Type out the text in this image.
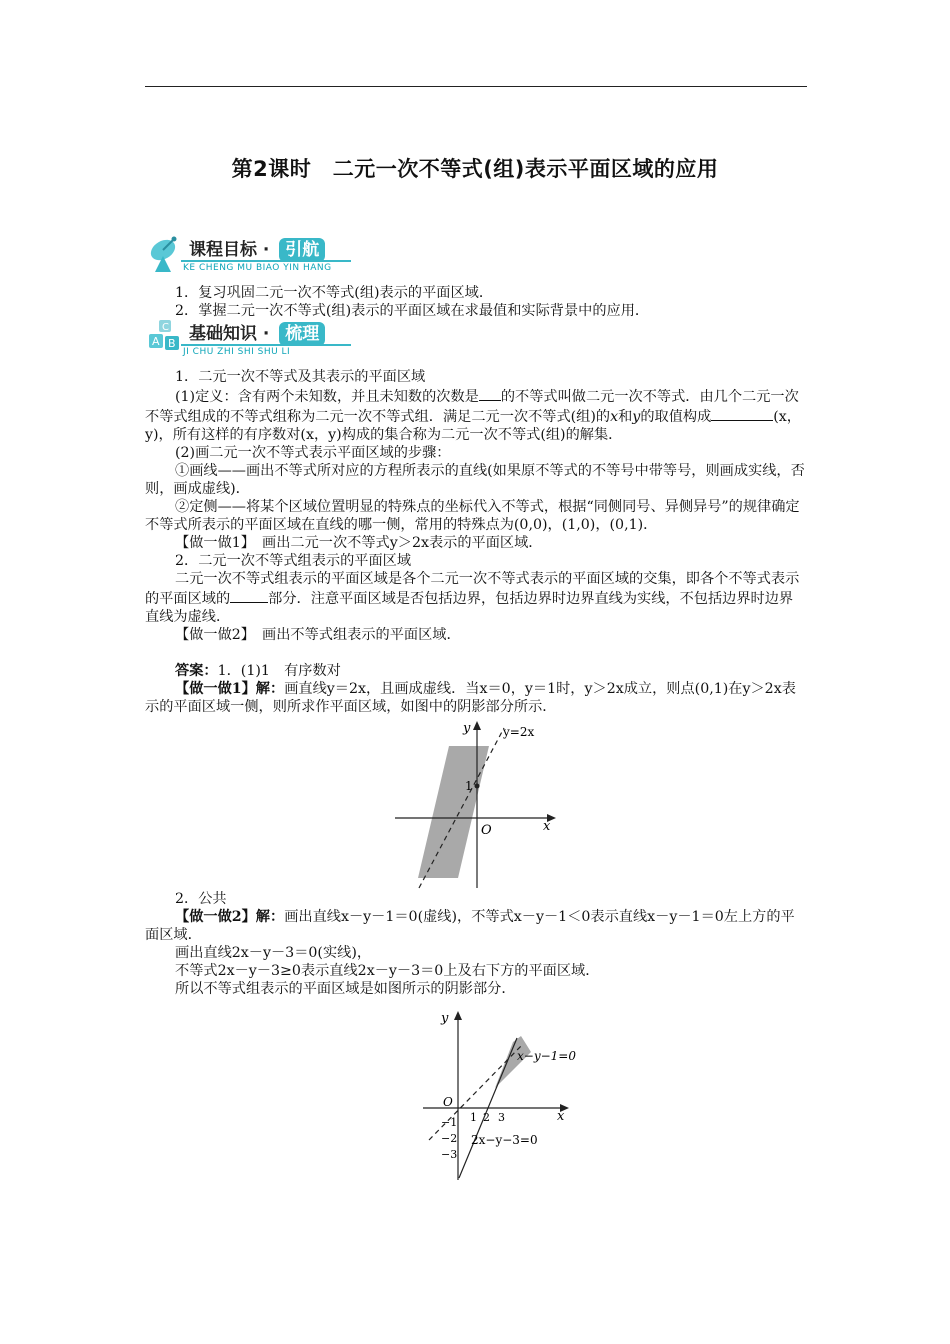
第2课时　二元一次不等式(组)表示平面区域的应用
课程目标 · 引航
KE CHENG MU BIAO YIN HANG

1．复习巩固二元一次不等式(组)表示的平面区域．

2．掌握二元一次不等式(组)表示的平面区域在求最值和实际背景中的应用．

C
A B 基础知识 · 梳理
JI CHU ZHI SHI SHU LI

1．二元一次不等式及其表示的平面区域

(1)定义：含有两个未知数，并且未知数的次数是 的不等式叫做二元一次不等式．由几个二元一次不等式组成的不等式组称为二元一次不等式组．满足二元一次不等式(组)的x和y的取值构成	(x，y)，所有这样的有序数对(x，y)构成的集合称为二元一次不等式(组)的解集．

(2)画二元一次不等式表示平面区域的步骤：

①画线——画出不等式所对应的方程所表示的直线(如果原不等式的不等号中带等号，则画成实线，否则，画成虚线)．

②定侧——将某个区域位置明显的特殊点的坐标代入不等式，根据“同侧同号、异侧异号”的规律确定不等式所表示的平面区域在直线的哪一侧，常用的特殊点为(0,0)，(1,0)，(0,1)．

【做一做1】　画出二元一次不等式y＞2x表示的平面区域．

2．二元一次不等式组表示的平面区域

二元一次不等式组表示的平面区域是各个二元一次不等式表示的平面区域的交集，即各个不等式表示的平面区域的	部分．注意平面区域是否包括边界，包括边界时边界直线为实线，不包括边界时边界直线为虚线．

【做一做2】　画出不等式组表示的平面区域．

答案：1．(1)1　有序数对

【做一做1】解：画直线y＝2x，且画成虚线．当x＝0，y＝1时，y＞2x成立，则点(0,1)在y＞2x表示的平面区域一侧，则所求作平面区域，如图中的阴影部分所示．

y	y=2x
1
O	x

2．公共

【做一做2】解：画出直线x－y－1＝0(虚线)，不等式x－y－1＜0表示直线x－y－1＝0左上方的平面区域．

画出直线2x－y－3＝0(实线)，

不等式2x－y－3≥0表示直线2x－y－3＝0上及右下方的平面区域．

所以不等式组表示的平面区域是如图所示的阴影部分．

y
x−y−1=0
O
1 2 3	x
−1
−2
−3
2x−y−3=0
